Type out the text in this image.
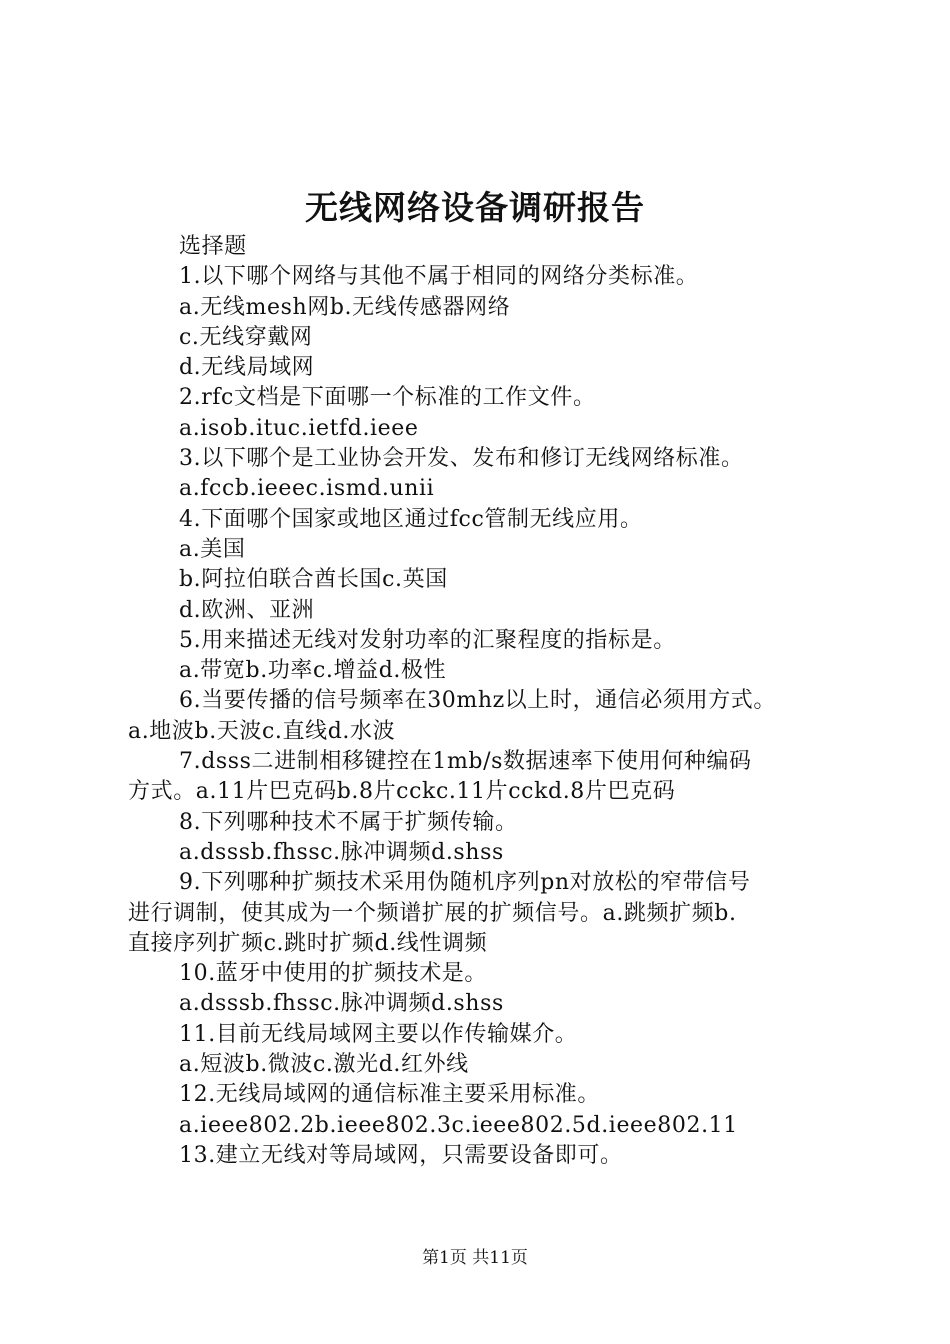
无线网络设备调研报告

选择题

1.以下哪个网络与其他不属于相同的网络分类标准。

a.无线mesh网b.无线传感器网络

c.无线穿戴网

d.无线局域网

2.rfc文档是下面哪一个标准的工作文件。

a.isob.ituc.ietfd.ieee

3.以下哪个是工业协会开发、发布和修订无线网络标准。

a.fccb.ieeec.ismd.unii

4.下面哪个国家或地区通过fcc管制无线应用。

a.美国

b.阿拉伯联合酋长国c.英国

d.欧洲、亚洲

5.用来描述无线对发射功率的汇聚程度的指标是。

a.带宽b.功率c.增益d.极性

6.当要传播的信号频率在30mhz以上时，通信必须用方式。

a.地波b.天波c.直线d.水波

7.dsss二进制相移键控在1mb/s数据速率下使用何种编码

方式。a.11片巴克码b.8片cckc.11片cckd.8片巴克码

8.下列哪种技术不属于扩频传输。

a.dsssb.fhssc.脉冲调频d.shss

9.下列哪种扩频技术采用伪随机序列pn对放松的窄带信号

进行调制，使其成为一个频谱扩展的扩频信号。a.跳频扩频b.

直接序列扩频c.跳时扩频d.线性调频

10.蓝牙中使用的扩频技术是。

a.dsssb.fhssc.脉冲调频d.shss

11.目前无线局域网主要以作传输媒介。

a.短波b.微波c.激光d.红外线

12.无线局域网的通信标准主要采用标准。

a.ieee802.2b.ieee802.3c.ieee802.5d.ieee802.11

13.建立无线对等局域网，只需要设备即可。

第1页 共11页
